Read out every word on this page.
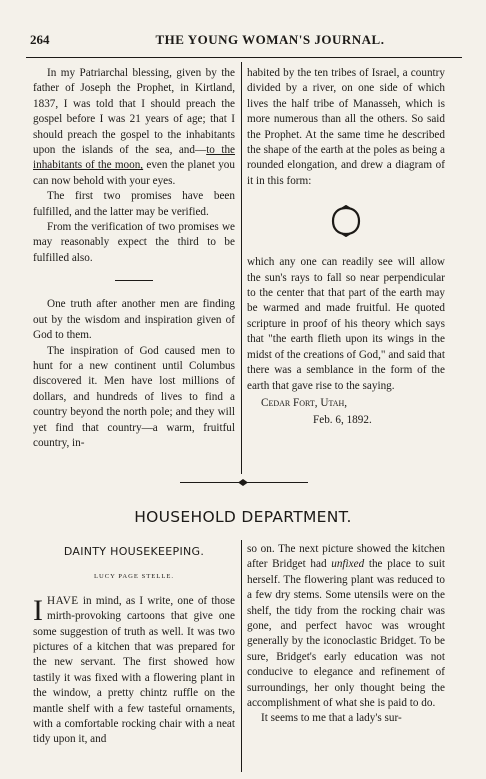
264	THE YOUNG WOMAN'S JOURNAL.

In my Patriarchal blessing, given by the father of Joseph the Prophet, in Kirtland, 1837, I was told that I should preach the gospel before I was 21 years of age; that I should preach the gospel to the inhabitants upon the islands of the sea, and—to the inhabitants of the moon, even the planet you can now behold with your eyes.

The first two promises have been fulfilled, and the latter may be verified.

From the verification of two promises we may reasonably expect the third to be fulfilled also.

One truth after another men are finding out by the wisdom and inspiration given of God to them.

The inspiration of God caused men to hunt for a new continent until Columbus discovered it. Men have lost millions of dollars, and hundreds of lives to find a country beyond the north pole; and they will yet find that country—a warm, fruitful country, in-

habited by the ten tribes of Israel, a country divided by a river, on one side of which lives the half tribe of Manasseh, which is more numerous than all the others. So said the Prophet. At the same time he described the shape of the earth at the poles as being a rounded elongation, and drew a diagram of it in this form:

which any one can readily see will allow the sun's rays to fall so near perpendicular to the center that that part of the earth may be warmed and made fruitful. He quoted scripture in proof of his theory which says that "the earth flieth upon its wings in the midst of the creations of God," and said that there was a semblance in the form of the earth that gave rise to the saying.

Cedar Fort, Utah,

Feb. 6, 1892.

HOUSEHOLD DEPARTMENT.
DAINTY HOUSEKEEPING.
LUCY PAGE STELLE.

IHAVE in mind, as I write, one of those mirth-provoking cartoons that give one some suggestion of truth as well. It was two pictures of a kitchen that was prepared for the new servant. The first showed how tastily it was fixed with a flowering plant in the window, a pretty chintz ruffle on the mantle shelf with a few tasteful ornaments, with a comfortable rocking chair with a neat tidy upon it, and

so on. The next picture showed the kitchen after Bridget had unfixed the place to suit herself. The flowering plant was reduced to a few dry stems. Some utensils were on the shelf, the tidy from the rocking chair was gone, and perfect havoc was wrought generally by the iconoclastic Bridget. To be sure, Bridget's early education was not conducive to elegance and refinement of surroundings, her only thought being the accomplishment of what she is paid to do.

It seems to me that a lady's sur-
